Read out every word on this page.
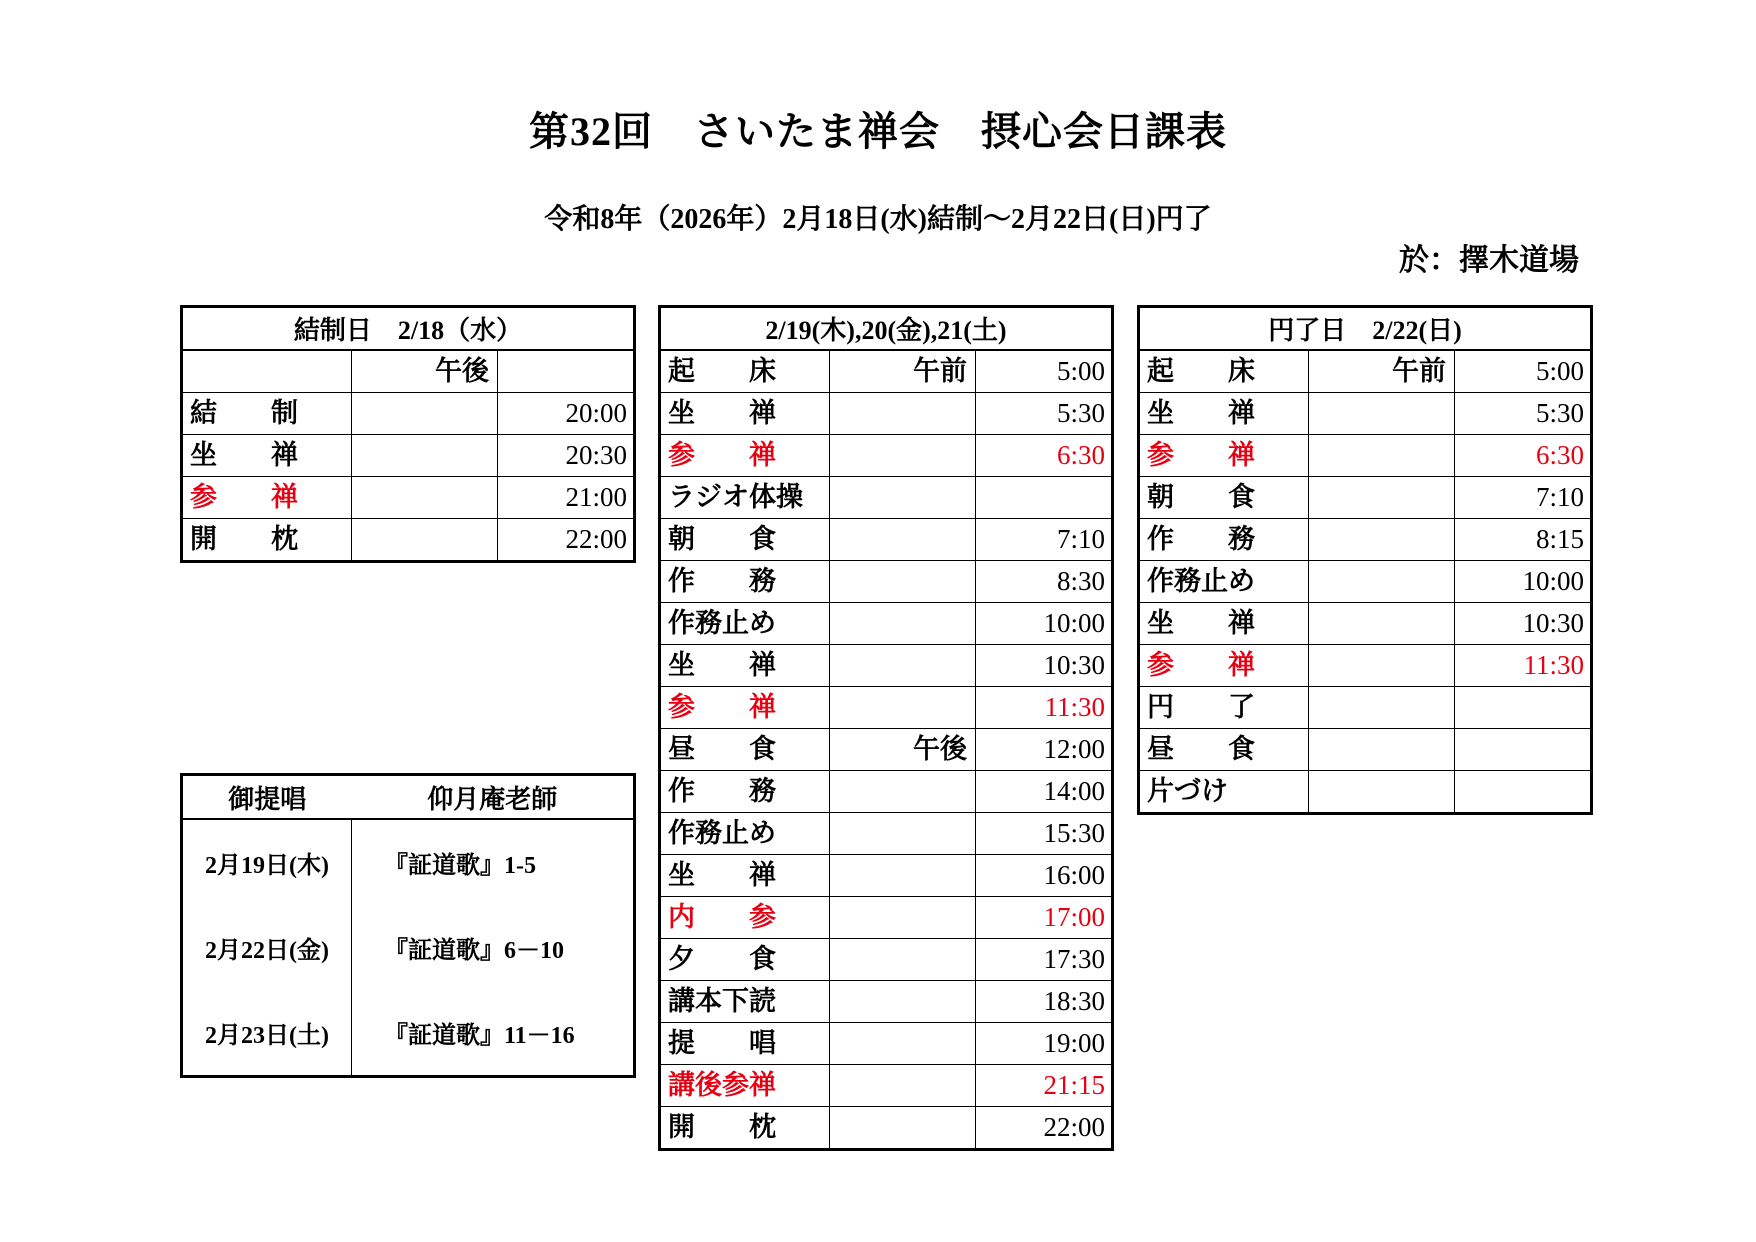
第32回　さいたま禅会　摂心会日課表
令和8年（2026年）2月18日(水)結制～2月22日(日)円了
於：擇木道場
結制日　2/18（水）		
	午後	
結　　制		20:00
坐　　禅		20:30
参　　禅		21:00
開　　枕		22:00
2/19(木),20(金),21(土)		
起　　床	午前	5:00
坐　　禅		5:30
参　　禅		6:30
ラジオ体操		
朝　　食		7:10
作　　務		8:30
作務止め		10:00
坐　　禅		10:30
参　　禅		11:30
昼　　食	午後	12:00
作　　務		14:00
作務止め		15:30
坐　　禅		16:00
内　　参		17:00
夕　　食		17:30
講本下読		18:30
提　　唱		19:00
講後参禅		21:15
開　　枕		22:00
円了日　2/22(日)		
起　　床	午前	5:00
坐　　禅		5:30
参　　禅		6:30
朝　　食		7:10
作　　務		8:15
作務止め		10:00
坐　　禅		10:30
参　　禅		11:30
円　　了		
昼　　食		
片づけ		
御提唱	仰月庵老師
2月19日(木)	『証道歌』1-5
2月22日(金)	『証道歌』6－10
2月23日(土)	『証道歌』11－16
